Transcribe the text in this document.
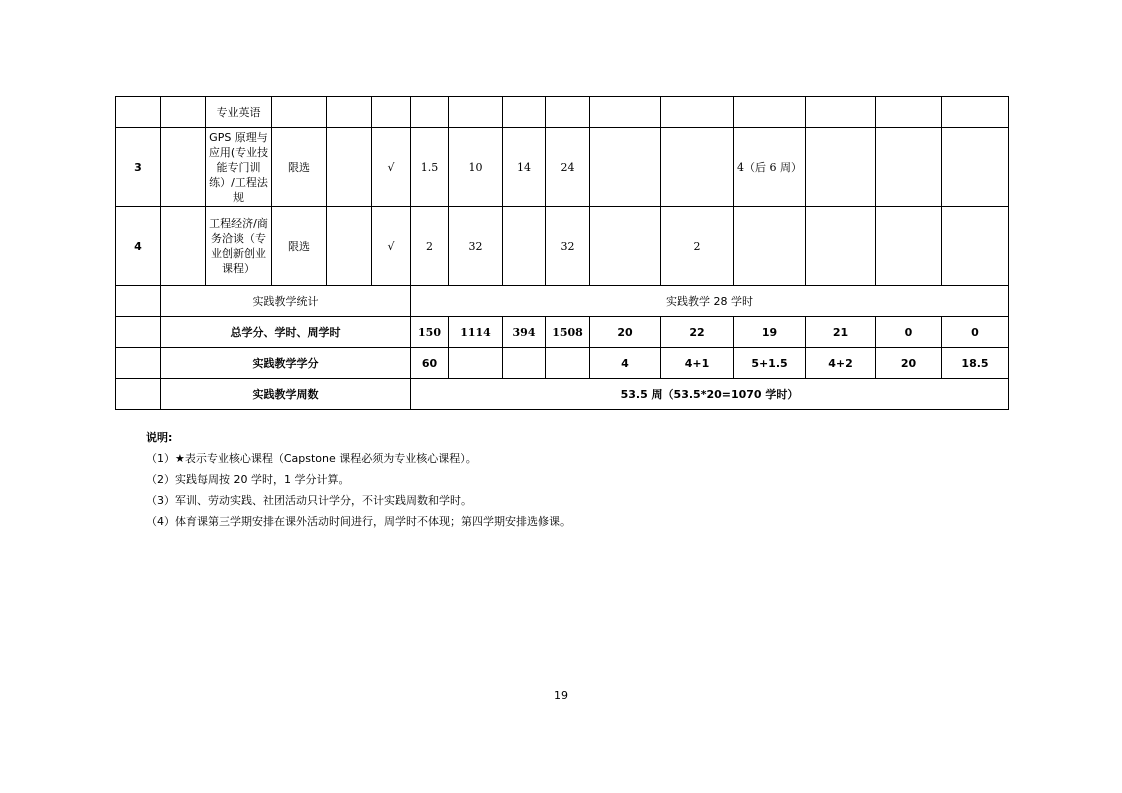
		专业英语													
3		GPS 原理与应用(专业技能专门训练）/工程法规	限选		√	1.5	10	14	24			4（后 6 周）			
4		工程经济/商务洽谈（专业创新创业课程）	限选		√	2	32		32		2				
	实践教学统计					实践教学 28 学时									
	总学分、学时、周学时					150	1114	394	1508	20	22	19	21	0	0
	实践教学学分					60				4	4+1	5+1.5	4+2	20	18.5
	实践教学周数					53.5 周（53.5*20=1070 学时）									
说明:
（1）★表示专业核心课程（Capstone 课程必须为专业核心课程）。
（2）实践每周按 20 学时，1 学分计算。
（3）军训、劳动实践、社团活动只计学分，不计实践周数和学时。
（4）体育课第三学期安排在课外活动时间进行，周学时不体现；第四学期安排选修课。
19
